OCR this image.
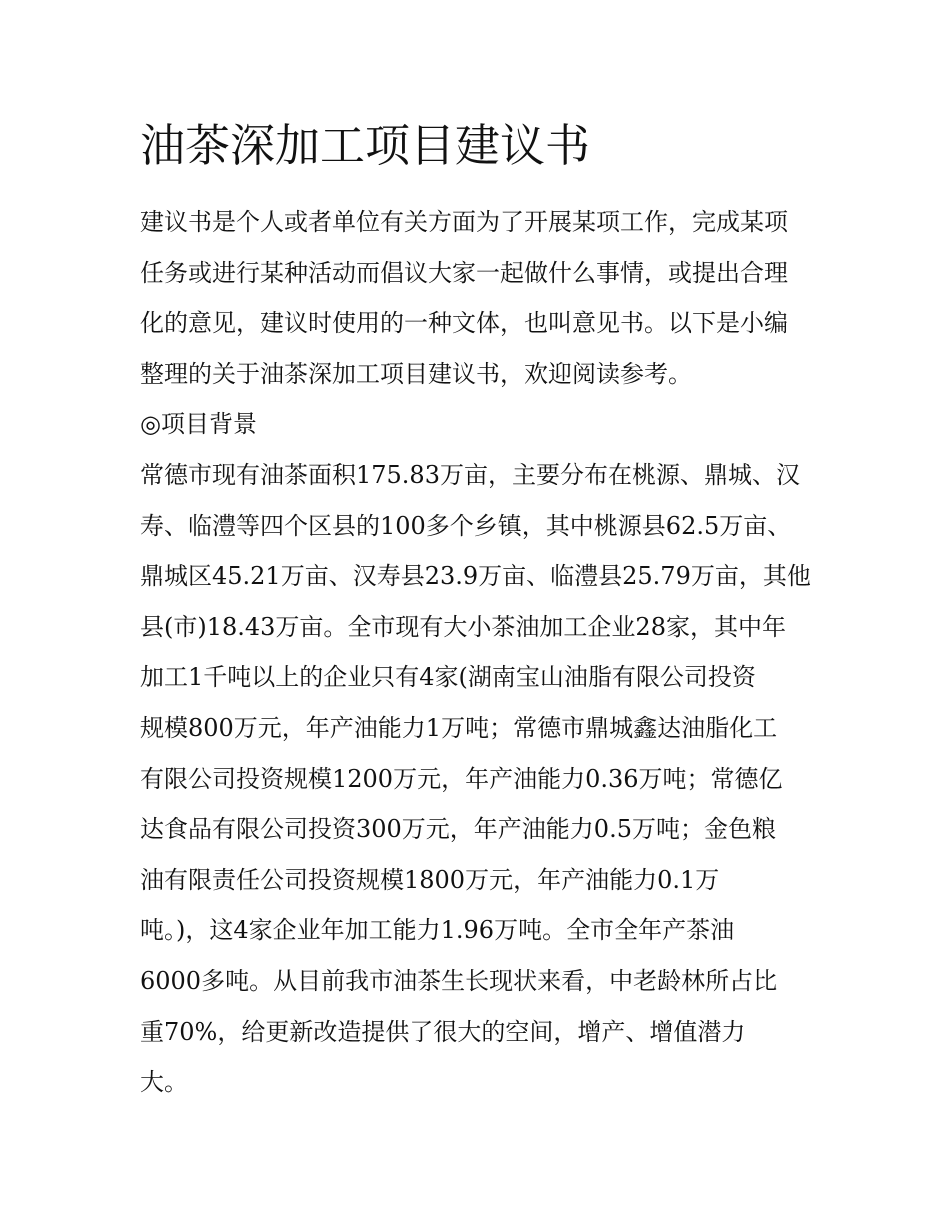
油茶深加工项目建议书
建议书是个人或者单位有关方面为了开展某项工作，完成某项
任务或进行某种活动而倡议大家一起做什么事情，或提出合理
化的意见，建议时使用的一种文体，也叫意见书。以下是小编
整理的关于油茶深加工项目建议书，欢迎阅读参考。
◎项目背景
常德市现有油茶面积175.83万亩，主要分布在桃源、鼎城、汉
寿、临澧等四个区县的100多个乡镇，其中桃源县62.5万亩、
鼎城区45.21万亩、汉寿县23.9万亩、临澧县25.79万亩，其他
县(市)18.43万亩。全市现有大小茶油加工企业28家，其中年
加工1千吨以上的企业只有4家(湖南宝山油脂有限公司投资
规模800万元，年产油能力1万吨；常德市鼎城鑫达油脂化工
有限公司投资规模1200万元，年产油能力0.36万吨；常德亿
达食品有限公司投资300万元，年产油能力0.5万吨；金色粮
油有限责任公司投资规模1800万元，年产油能力0.1万
吨。)，这4家企业年加工能力1.96万吨。全市全年产茶油
6000多吨。从目前我市油茶生长现状来看，中老龄林所占比
重70%，给更新改造提供了很大的空间，增产、增值潜力
大。
